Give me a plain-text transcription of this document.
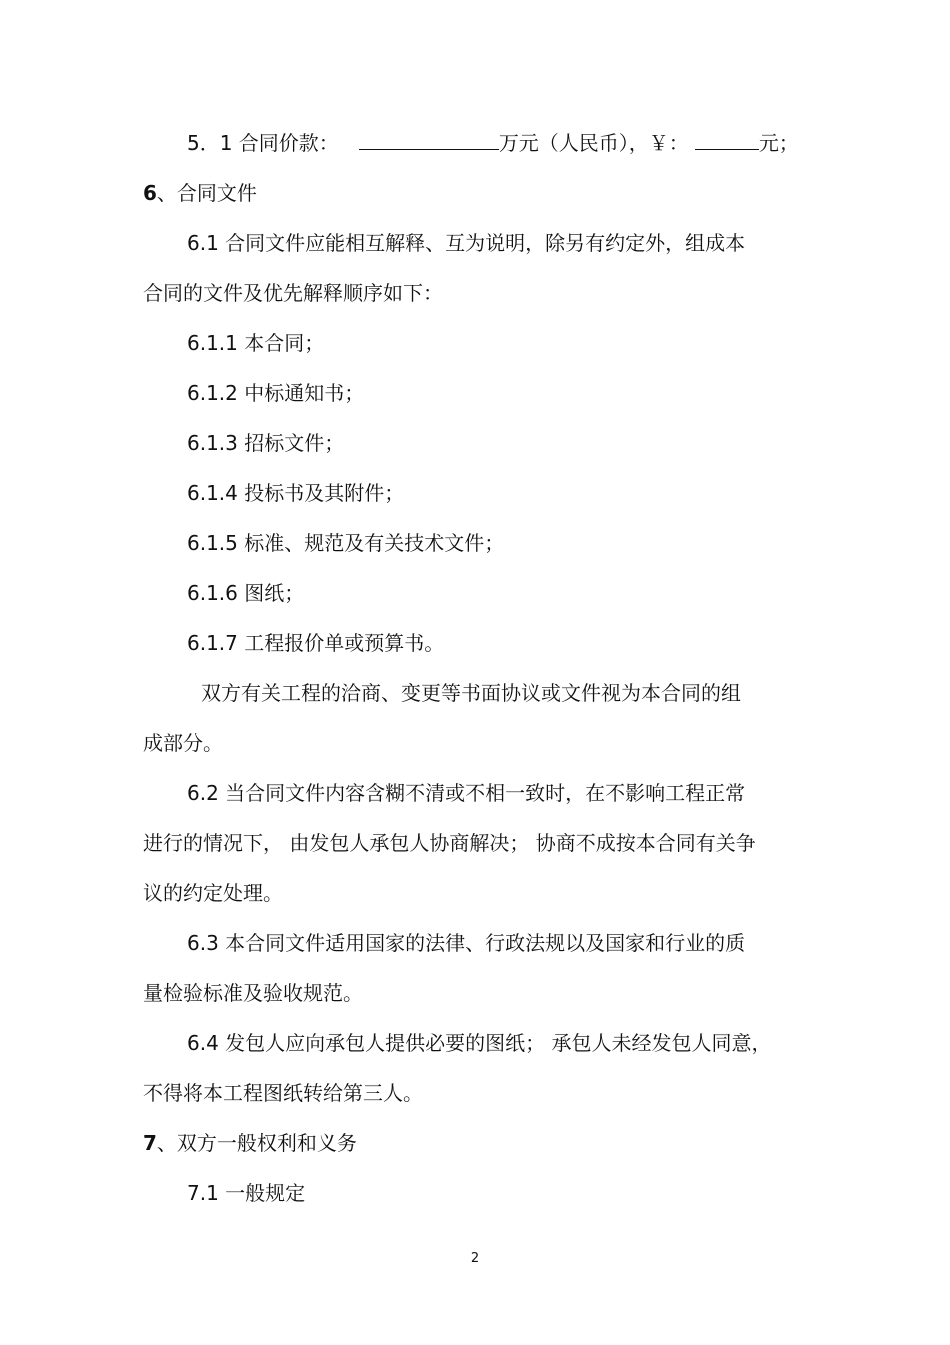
5．1 合同价款：	万元（人民币），￥：	元；
6、合同文件
6.1 合同文件应能相互解释、互为说明，除另有约定外，组成本
合同的文件及优先解释顺序如下：
6.1.1 本合同；
6.1.2 中标通知书；
6.1.3 招标文件；
6.1.4 投标书及其附件；
6.1.5 标准、规范及有关技术文件；
6.1.6 图纸；
6.1.7 工程报价单或预算书。
双方有关工程的洽商、变更等书面协议或文件视为本合同的组
成部分。
6.2 当合同文件内容含糊不清或不相一致时，在不影响工程正常
进行的情况下， 由发包人承包人协商解决； 协商不成按本合同有关争
议的约定处理。
6.3 本合同文件适用国家的法律、行政法规以及国家和行业的质
量检验标准及验收规范。
6.4 发包人应向承包人提供必要的图纸； 承包人未经发包人同意，
不得将本工程图纸转给第三人。
7、双方一般权利和义务
7.1 一般规定
2
